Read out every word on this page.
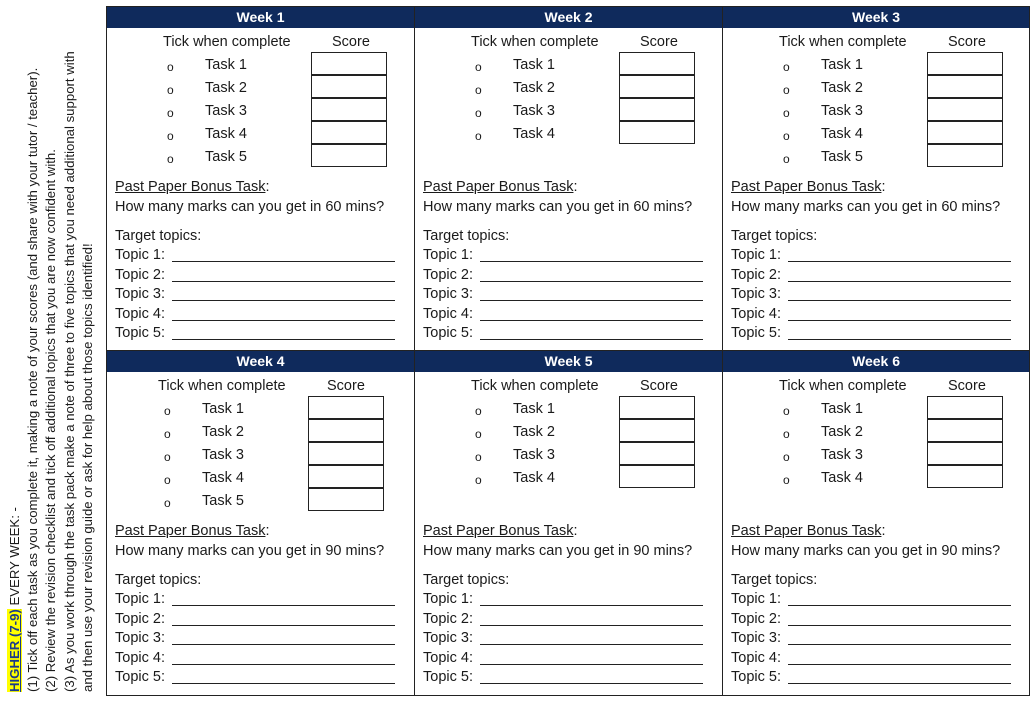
HIGHER (7-9) EVERY WEEK: - (1) Tick off each task as you complete it, making a note of your scores (and share with your tutor / teacher). (2) Review the revision checklist and tick off additional topics that you are now confident with. (3) As you work through the task pack make a note of three to five topics that you need additional support with and then use your revision guide or ask for help about those topics identified!
Week 1
Tick when complete	Score
o Task 1
o Task 2
o Task 3
o Task 4
o Task 5
Past Paper Bonus Task:
How many marks can you get in 60 mins?
Target topics:
Topic 1:
Topic 2:
Topic 3:
Topic 4:
Topic 5:
Week 2
Tick when complete	Score
o Task 1
o Task 2
o Task 3
o Task 4
Past Paper Bonus Task:
How many marks can you get in 60 mins?
Target topics:
Topic 1:
Topic 2:
Topic 3:
Topic 4:
Topic 5:
Week 3
Tick when complete	Score
o Task 1
o Task 2
o Task 3
o Task 4
o Task 5
Past Paper Bonus Task:
How many marks can you get in 60 mins?
Target topics:
Topic 1:
Topic 2:
Topic 3:
Topic 4:
Topic 5:
Week 4
Tick when complete	Score
o Task 1
o Task 2
o Task 3
o Task 4
o Task 5
Past Paper Bonus Task:
How many marks can you get in 90 mins?
Target topics:
Topic 1:
Topic 2:
Topic 3:
Topic 4:
Topic 5:
Week 5
Tick when complete	Score
o Task 1
o Task 2
o Task 3
o Task 4
Past Paper Bonus Task:
How many marks can you get in 90 mins?
Target topics:
Topic 1:
Topic 2:
Topic 3:
Topic 4:
Topic 5:
Week 6
Tick when complete	Score
o Task 1
o Task 2
o Task 3
o Task 4
Past Paper Bonus Task:
How many marks can you get in 90 mins?
Target topics:
Topic 1:
Topic 2:
Topic 3:
Topic 4:
Topic 5:
